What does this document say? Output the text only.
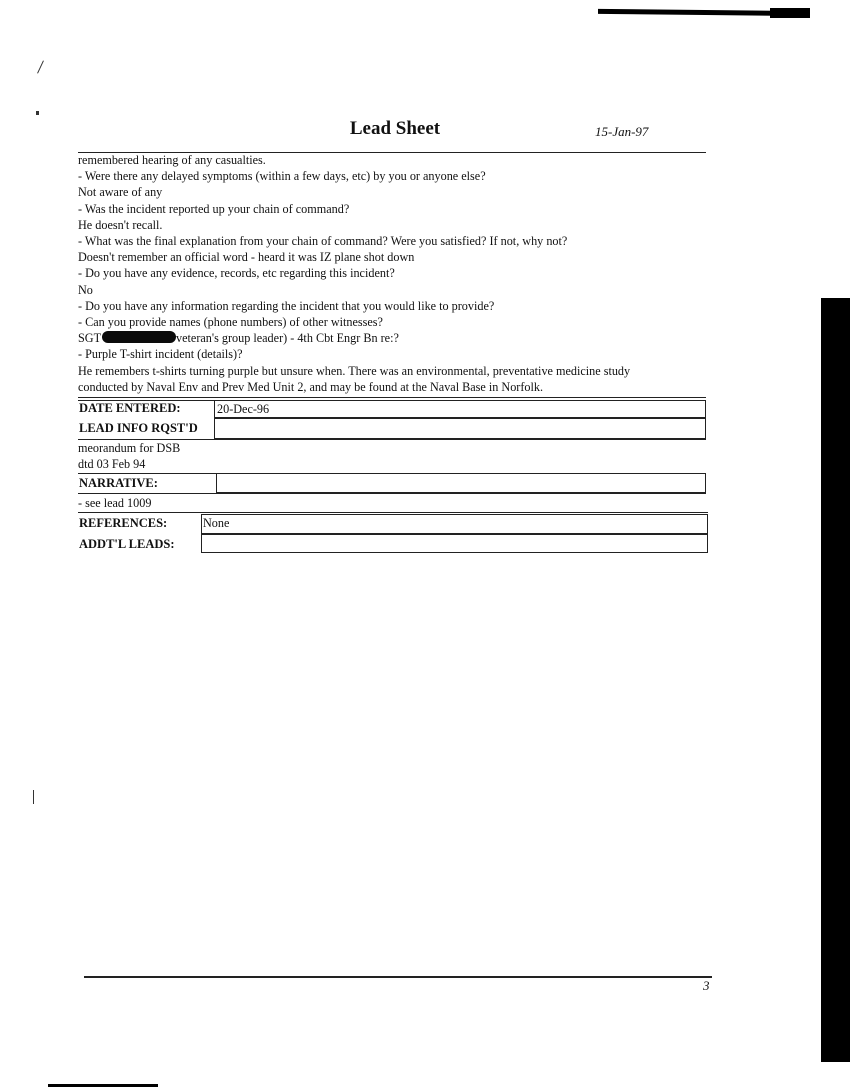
Lead Sheet	15-Jan-97
remembered hearing of any casualties.
- Were there any delayed symptoms (within a few days, etc) by you or anyone else?
Not aware of any
- Was the incident reported up your chain of command?
He doesn't recall.
- What was the final explanation from your chain of command? Were you satisfied? If not, why not?
Doesn't remember an official word - heard it was IZ plane shot down
- Do you have any evidence, records, etc regarding this incident?
No
- Do you have any information regarding the incident that you would like to provide?
- Can you provide names (phone numbers) of other witnesses?
SGT	veteran's group leader) - 4th Cbt Engr Bn re:?
- Purple T-shirt incident (details)?
He remembers t-shirts turning purple but unsure when. There was an environmental, preventative medicine study
conducted by Naval Env and Prev Med Unit 2, and may be found at the Naval Base in Norfolk.
DATE ENTERED:	20-Dec-96
LEAD INFO RQST'D
meorandum for DSB
dtd 03 Feb 94
NARRATIVE:
- see lead 1009
REFERENCES:	None
ADDT'L LEADS:
3
